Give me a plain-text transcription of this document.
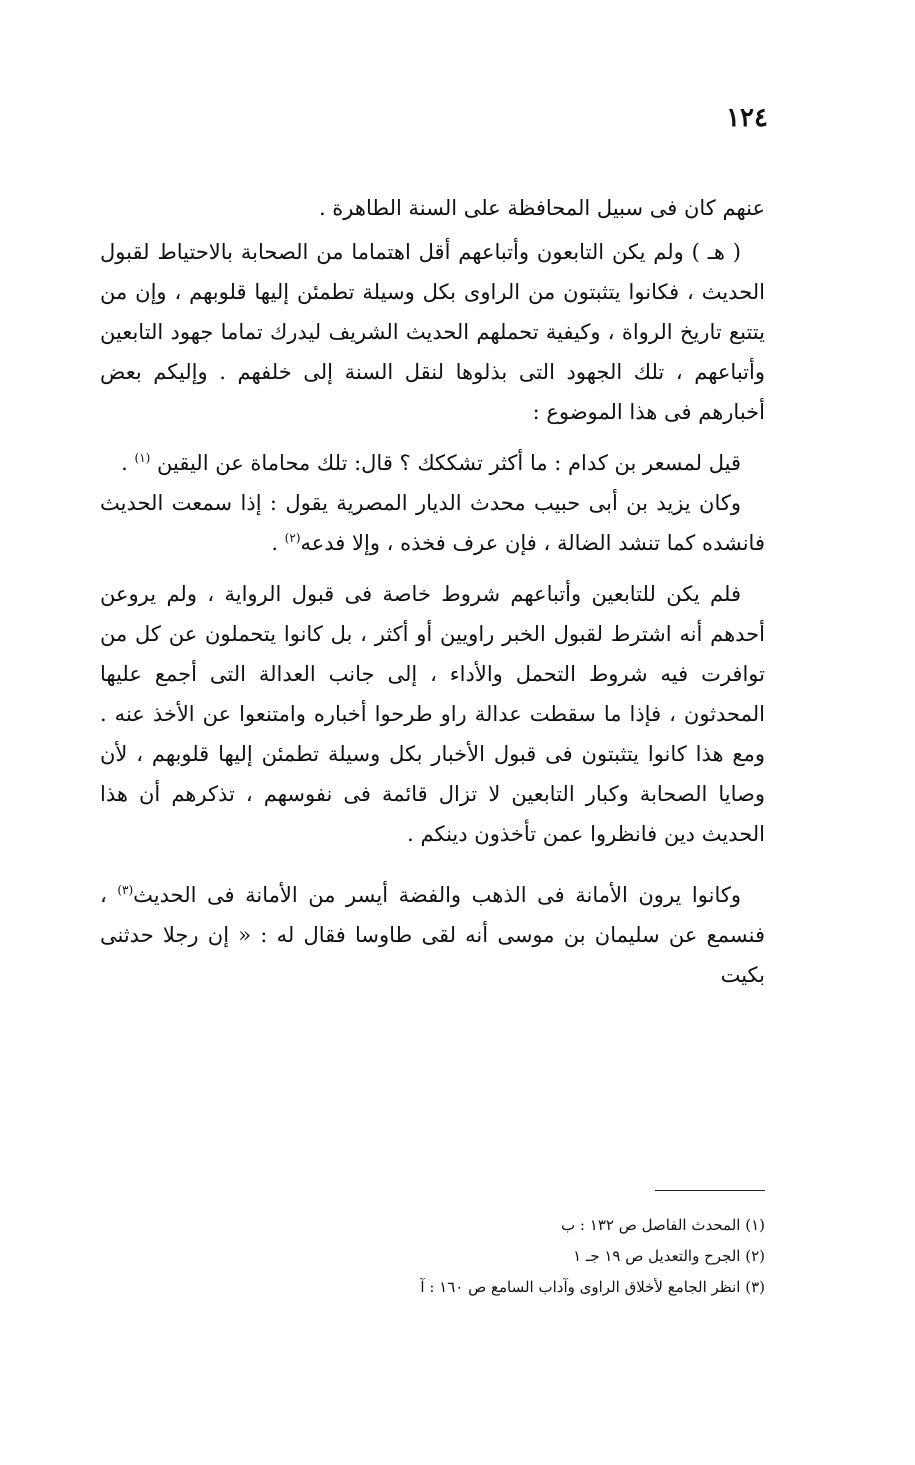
١٢٤

عنهم كان فى سبيل المحافظة على السنة الطاهرة .

( هـ ) ولم يكن التابعون وأتباعهم أقل اهتماما من الصحابة بالاحتياط لقبول الحديث ، فكانوا يتثبتون من الراوى بكل وسيلة تطمئن إليها قلوبهم ، وإن من يتتبع تاريخ الرواة ، وكيفية تحملهم الحديث الشريف ليدرك تماما جهود التابعين وأتباعهم ، تلك الجهود التى بذلوها لنقل السنة إلى خلفهم . وإليكم بعض أخبارهم فى هذا الموضوع :

قيل لمسعر بن كدام : ما أكثر تشككك ؟ قال: تلك محاماة عن اليقين $^{(١)}$ .

وكان يزيد بن أبى حبيب محدث الديار المصرية يقول : إذا سمعت الحديث فانشده كما تنشد الضالة ، فإن عرف فخذه ، وإلا فدعه$^{(٢)}$ .

فلم يكن للتابعين وأتباعهم شروط خاصة فى قبول الرواية ، ولم يروعن أحدهم أنه اشترط لقبول الخبر راويين أو أكثر ، بل كانوا يتحملون عن كل من توافرت فيه شروط التحمل والأداء ، إلى جانب العدالة التى أجمع عليها المحدثون ، فإذا ما سقطت عدالة راو طرحوا أخباره وامتنعوا عن الأخذ عنه . ومع هذا كانوا يتثبتون فى قبول الأخبار بكل وسيلة تطمئن إليها قلوبهم ، لأن وصايا الصحابة وكبار التابعين لا تزال قائمة فى نفوسهم ، تذكرهم أن هذا الحديث دين فانظروا عمن تأخذون دينكم .

وكانوا يرون الأمانة فى الذهب والفضة أيسر من الأمانة فى الحديث$^{(٣)}$ ، فنسمع عن سليمان بن موسى أنه لقى طاوسا فقال له : « إن رجلا حدثنى بكيت

(١) المحدث الفاصل ص ١٣٢ : ب

(٢) الجرح والتعديل ص ١٩ جـ ١

(٣) انظر الجامع لأخلاق الراوى وآداب السامع ص ١٦٠ : آ
